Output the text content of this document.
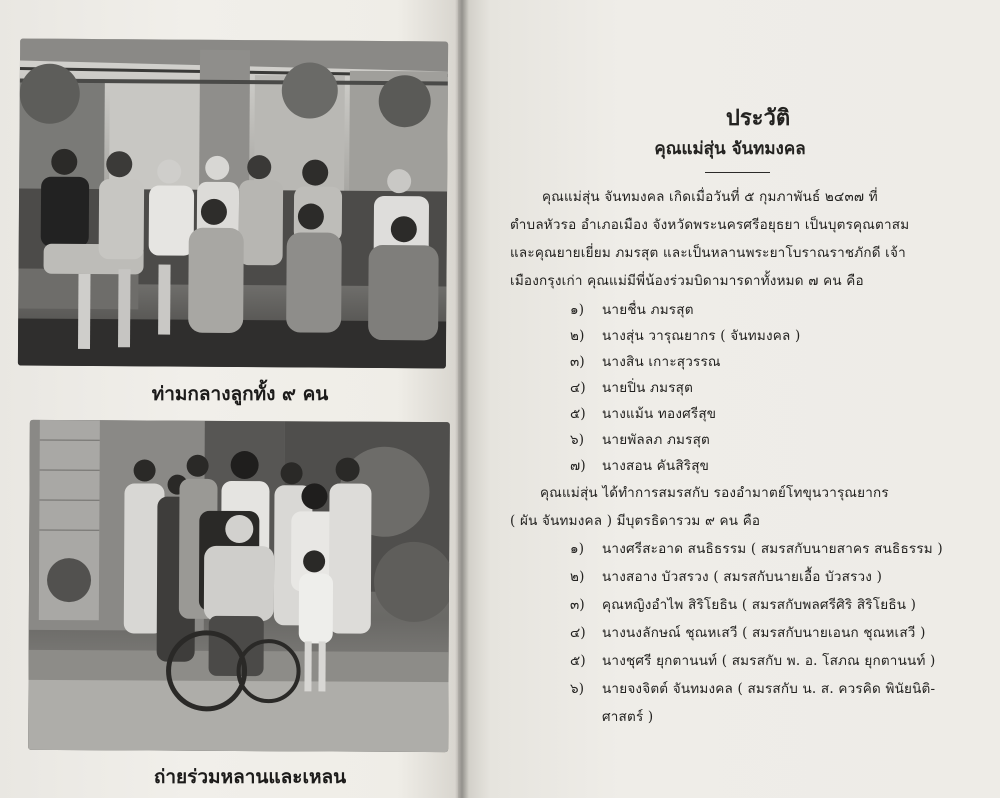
ท่ามกลางลูกทั้ง ๙ คน
ถ่ายร่วมหลานและเหลน
ประวัติ
คุณแม่สุ่น จันทมงคล
คุณแม่สุ่น จันทมงคล เกิดเมื่อวันที่ ๕ กุมภาพันธ์ ๒๔๓๗ ที่
ตำบลหัวรอ อำเภอเมือง จังหวัดพระนครศรีอยุธยา เป็นบุตรคุณตาสม
และคุณยายเยี่ยม ภมรสุต และเป็นหลานพระยาโบราณราชภักดี เจ้า
เมืองกรุงเก่า คุณแม่มีพี่น้องร่วมบิดามารดาทั้งหมด ๗ คน คือ
๑) นายชื่น ภมรสุต
๒) นางสุ่น วารุณยากร ( จันทมงคล )
๓) นางสิน เกาะสุวรรณ
๔) นายปิ่น ภมรสุต
๕) นางแม้น ทองศรีสุข
๖) นายพัลลภ ภมรสุต
๗) นางสอน คันสิริสุข
คุณแม่สุ่น ได้ทำการสมรสกับ รองอำมาตย์โทขุนวารุณยากร
( ผัน จันทมงคล ) มีบุตรธิดารวม ๙ คน คือ
๑) นางศรีสะอาด สนธิธรรม ( สมรสกับนายสาคร สนธิธรรม )
๒) นางสอาง บัวสรวง ( สมรสกับนายเอื้อ บัวสรวง )
๓) คุณหญิงอำไพ สิริโยธิน ( สมรสกับพลศรีศิริ สิริโยธิน )
๔) นางนงลักษณ์ ชุณหเสวี ( สมรสกับนายเอนก ชุณหเสวี )
๕) นางชุศรี ยุกตานนท์ ( สมรสกับ พ. อ. โสภณ ยุกตานนท์ )
๖) นายจงจิตต์ จันทมงคล ( สมรสกับ น. ส. ควรคิด พินัยนิติ-
ศาสตร์ )
